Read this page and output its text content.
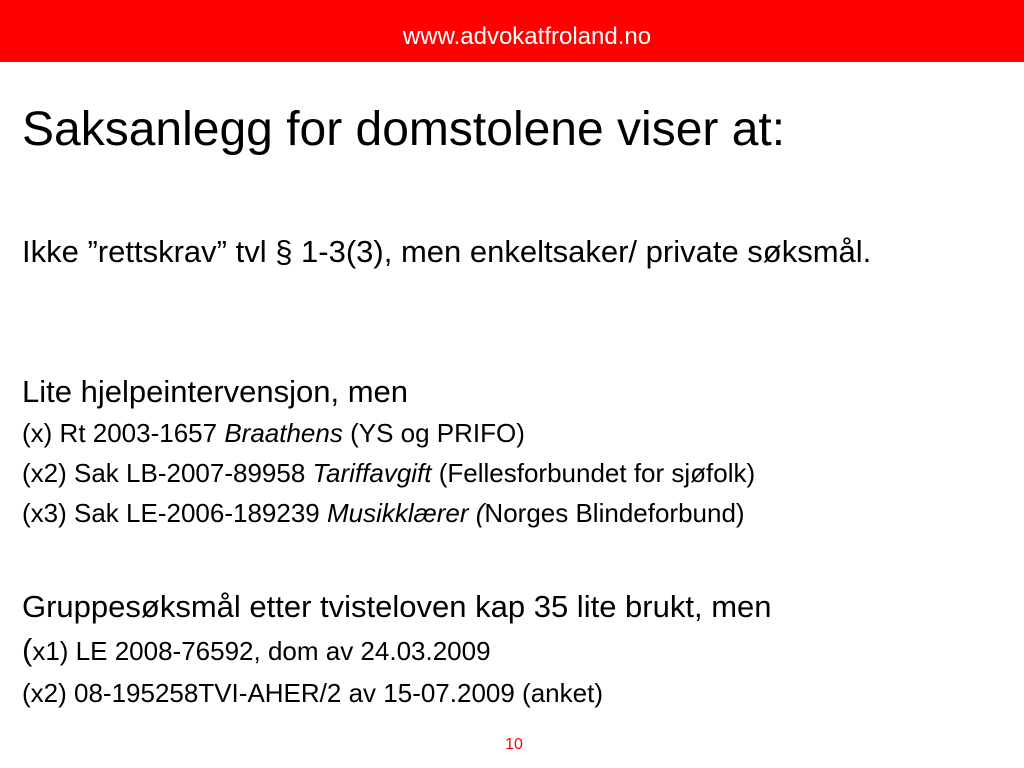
www.advokatfroland.no
Saksanlegg for domstolene viser at:
Ikke ”rettskrav” tvl § 1-3(3), men enkeltsaker/ private søksmål.
Lite hjelpeintervensjon, men
(x) Rt 2003-1657 Braathens (YS og PRIFO)
(x2) Sak LB-2007-89958 Tariffavgift (Fellesforbundet for sjøfolk)
(x3) Sak LE-2006-189239 Musikklærer (Norges Blindeforbund)
Gruppesøksmål etter tvisteloven kap 35 lite brukt, men
(x1) LE 2008-76592, dom av 24.03.2009
(x2) 08-195258TVI-AHER/2 av 15-07.2009 (anket)
10
